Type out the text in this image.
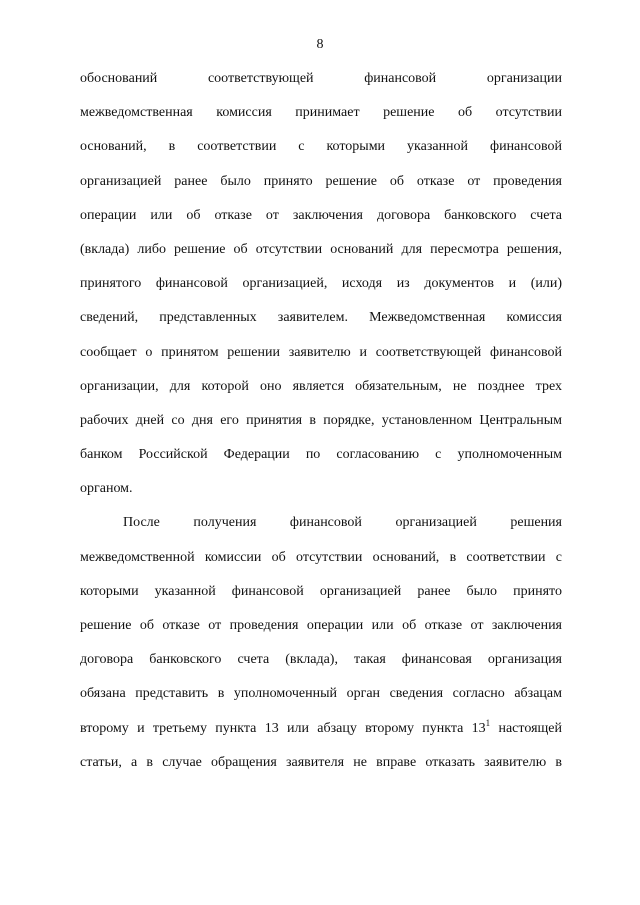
8
обоснований соответствующей финансовой организации
межведомственная комиссия принимает решение об отсутствии
оснований, в соответствии с которыми указанной финансовой
организацией ранее было принято решение об отказе от проведения
операции или об отказе от заключения договора банковского счета
(вклада) либо решение об отсутствии оснований для пересмотра решения,
принятого финансовой организацией, исходя из документов и (или)
сведений, представленных заявителем. Межведомственная комиссия
сообщает о принятом решении заявителю и соответствующей финансовой
организации, для которой оно является обязательным, не позднее трех
рабочих дней со дня его принятия в порядке, установленном Центральным
банком Российской Федерации по согласованию с уполномоченным
органом.
После получения финансовой организацией решения
межведомственной комиссии об отсутствии оснований, в соответствии с
которыми указанной финансовой организацией ранее было принято
решение об отказе от проведения операции или об отказе от заключения
договора банковского счета (вклада), такая финансовая организация
обязана представить в уполномоченный орган сведения согласно абзацам
второму и третьему пункта 13 или абзацу второму пункта $13^1$ настоящей
статьи, а в случае обращения заявителя не вправе отказать заявителю в
